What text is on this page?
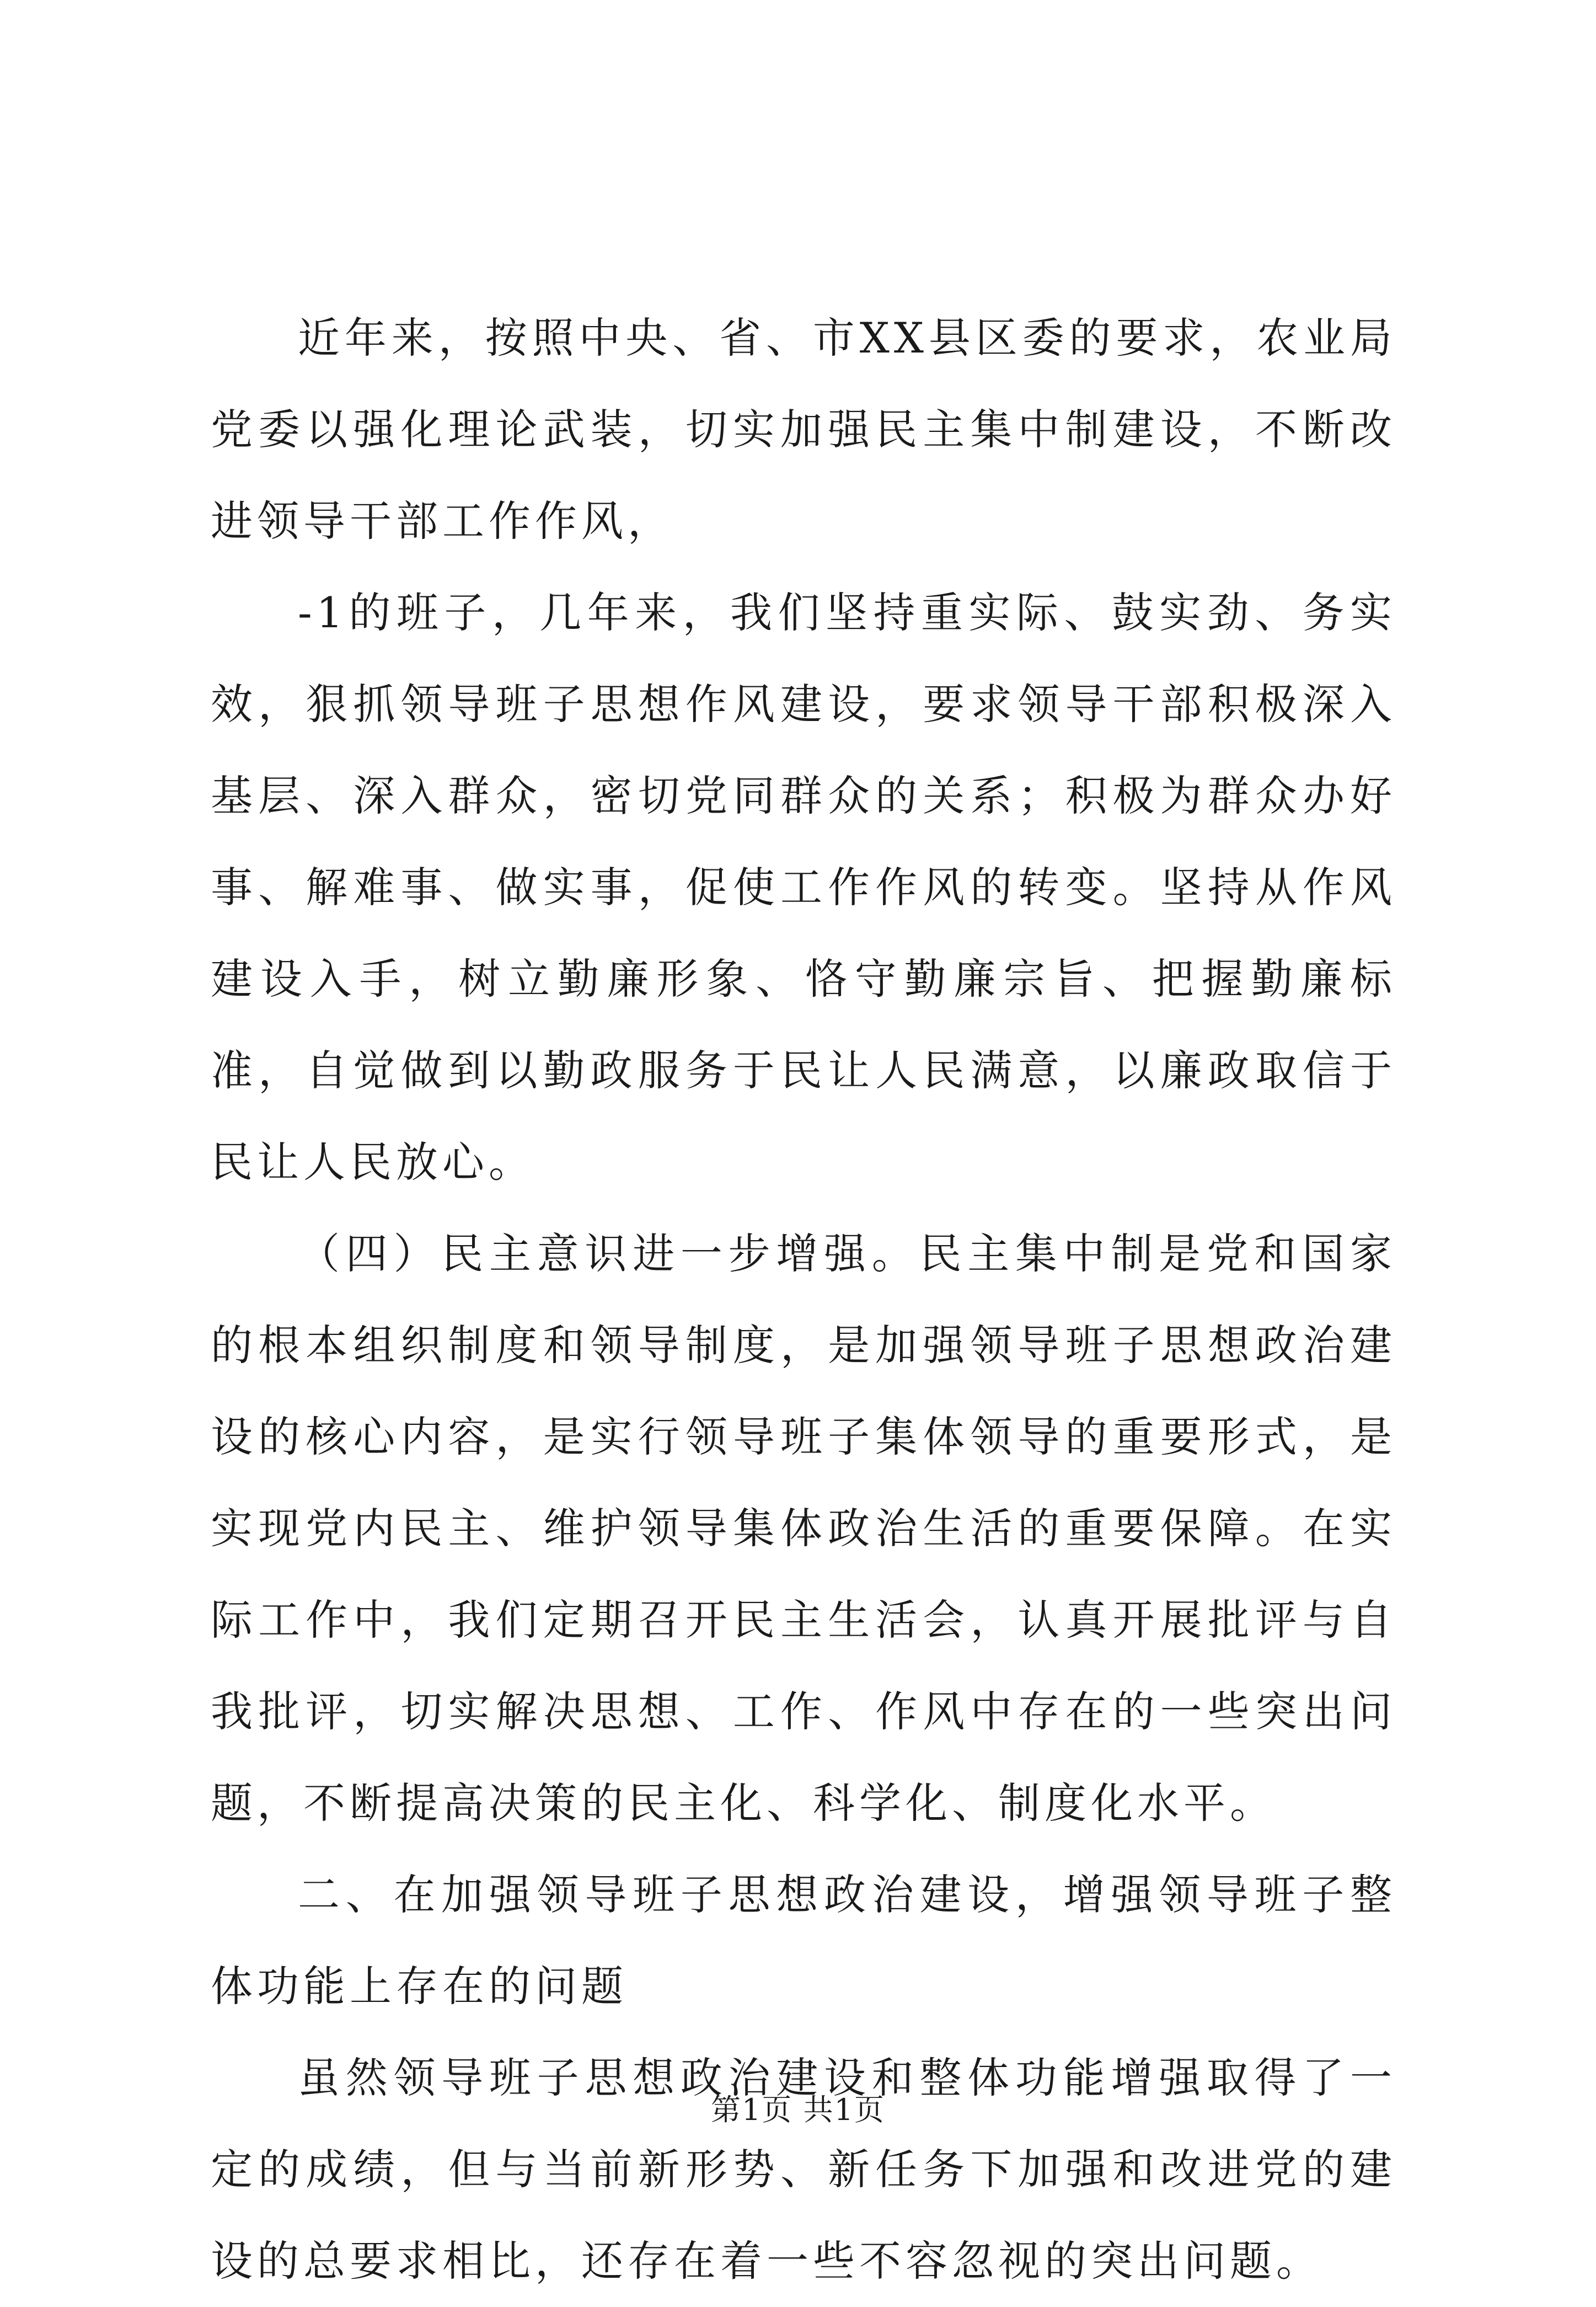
近年来，按照中央、省、市XX县区委的要求，农业局党委以强化理论武装，切实加强民主集中制建设，不断改进领导干部工作作风，

-1的班子，几年来，我们坚持重实际、鼓实劲、务实效，狠抓领导班子思想作风建设，要求领导干部积极深入基层、深入群众，密切党同群众的关系；积极为群众办好事、解难事、做实事，促使工作作风的转变。坚持从作风建设入手，树立勤廉形象、恪守勤廉宗旨、把握勤廉标准，自觉做到以勤政服务于民让人民满意，以廉政取信于民让人民放心。

（四）民主意识进一步增强。民主集中制是党和国家的根本组织制度和领导制度，是加强领导班子思想政治建设的核心内容，是实行领导班子集体领导的重要形式，是实现党内民主、维护领导集体政治生活的重要保障。在实际工作中，我们定期召开民主生活会，认真开展批评与自我批评，切实解决思想、工作、作风中存在的一些突出问题，不断提高决策的民主化、科学化、制度化水平。

二、在加强领导班子思想政治建设，增强领导班子整体功能上存在的问题

虽然领导班子思想政治建设和整体功能增强取得了一定的成绩，但与当前新形势、新任务下加强和改进党的建设的总要求相比，还存在着一些不容忽视的突出问题。

第1页 共1页
